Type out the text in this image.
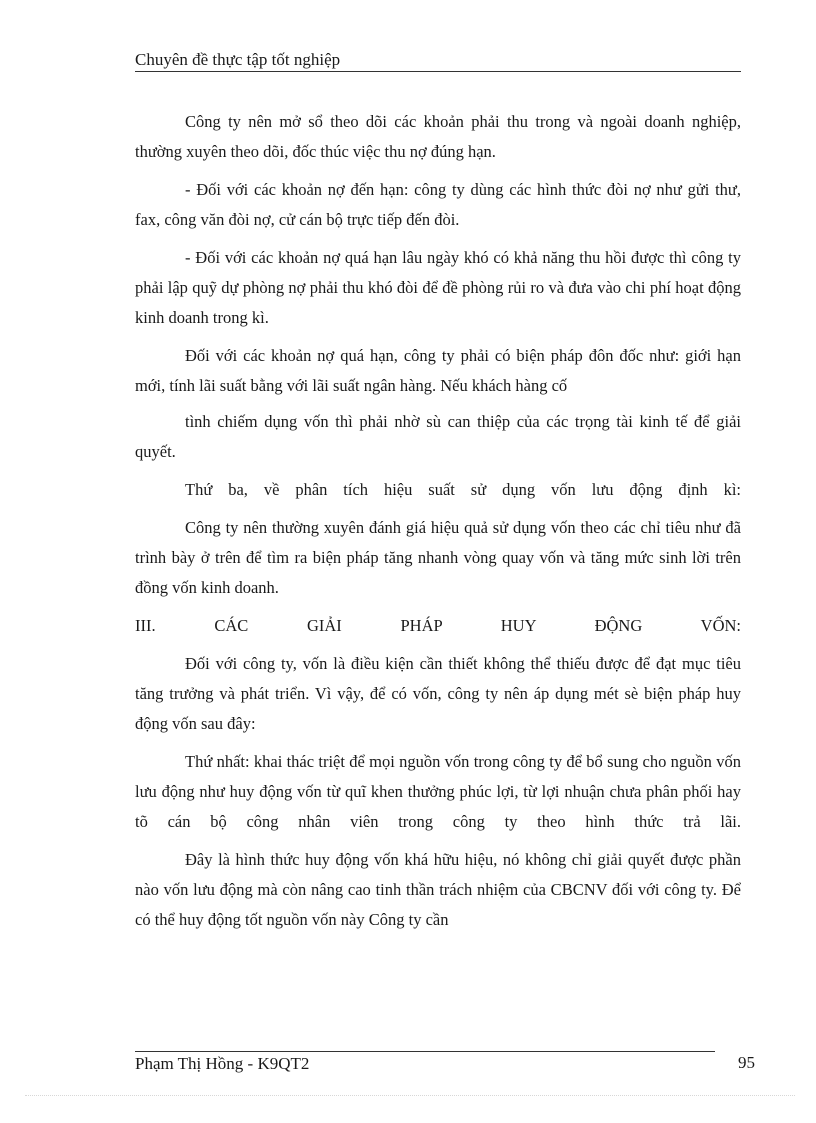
Chuyên đề thực tập tốt nghiệp

Công ty nên mở sổ theo dõi các khoản phải thu trong và ngoài doanh nghiệp, thường xuyên theo dõi, đốc thúc việc thu nợ đúng hạn.

- Đối với các khoản nợ đến hạn: công ty dùng các hình thức đòi nợ như gửi thư, fax, công văn đòi nợ, cử cán bộ trực tiếp đến đòi.

- Đối với các khoản nợ quá hạn lâu ngày khó có khả năng thu hồi được thì công ty phải lập quỹ dự phòng nợ phải thu khó đòi để đề phòng rủi ro và đưa vào chi phí hoạt động kinh doanh trong kì.

Đối với các khoản nợ quá hạn, công ty phải có biện pháp đôn đốc như: giới hạn mới, tính lãi suất bằng với lãi suất ngân hàng. Nếu khách hàng cố

tình chiếm dụng vốn thì phải nhờ sù can thiệp của các trọng tài kinh tế để giải quyết.

Thứ ba, về phân tích hiệu suất sử dụng vốn lưu động định kì:

Công ty nên thường xuyên đánh giá hiệu quả sử dụng vốn theo các chỉ tiêu như đã trình bày ở trên để tìm ra biện pháp tăng nhanh vòng quay vốn và tăng mức sinh lời trên đồng vốn kinh doanh.

III. CÁC GIẢI PHÁP HUY ĐỘNG VỐN:

Đối với công ty, vốn là điều kiện cần thiết không thể thiếu được để đạt mục tiêu tăng trưởng và phát triển. Vì vậy, để có vốn, công ty nên áp dụng mét sè biện pháp huy động vốn sau đây:

Thứ nhất: khai thác triệt để mọi nguồn vốn trong công ty để bổ sung cho nguồn vốn lưu động như huy động vốn từ quĩ khen thưởng phúc lợi, từ lợi nhuận chưa phân phối hay tõ cán bộ công nhân viên trong công ty theo hình thức trả lãi.

Đây là hình thức huy động vốn khá hữu hiệu, nó không chỉ giải quyết được phần nào vốn lưu động mà còn nâng cao tinh thần trách nhiệm của CBCNV đối với công ty. Để có thể huy động tốt nguồn vốn này Công ty cần

Phạm Thị Hồng - K9QT2	95
